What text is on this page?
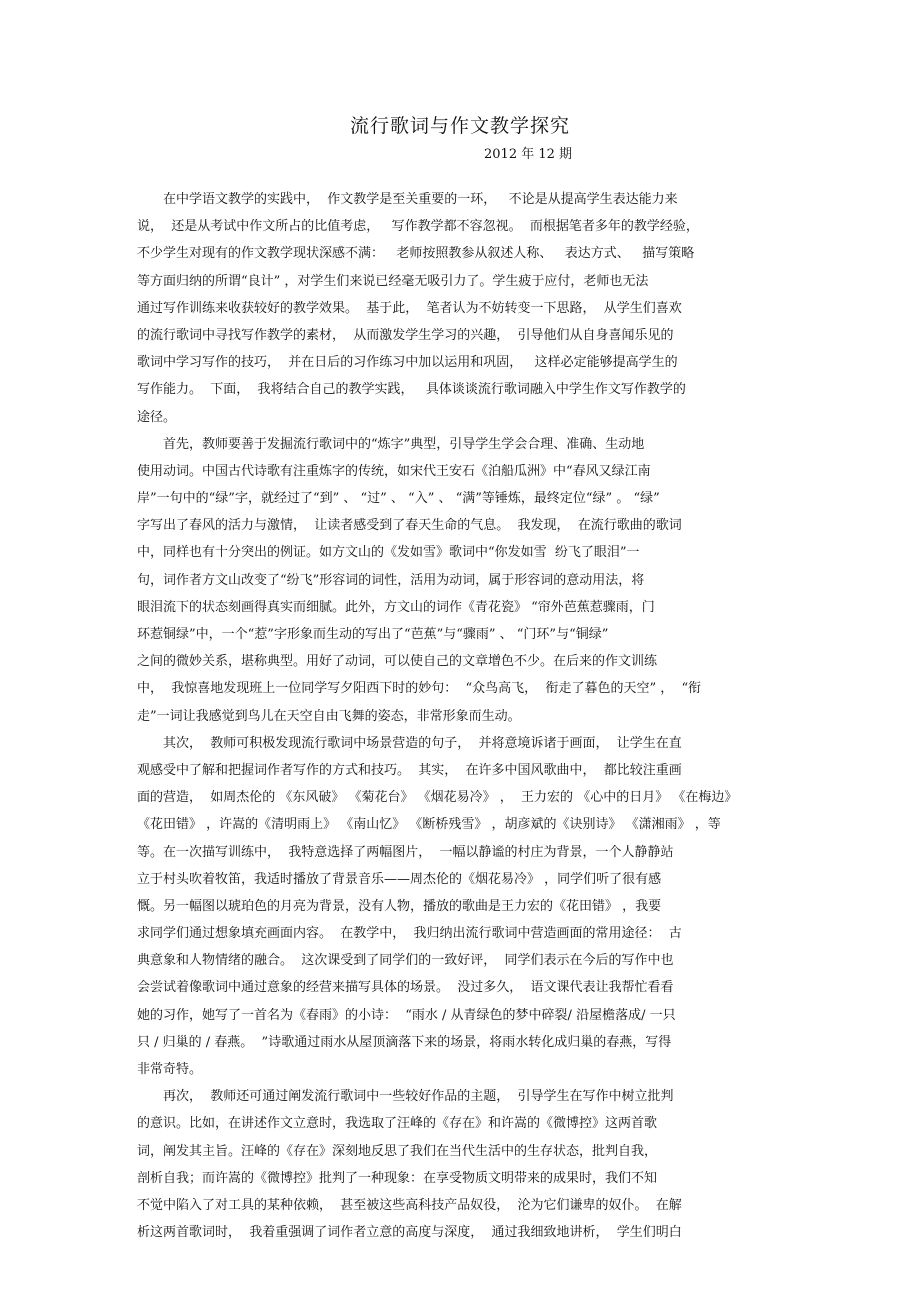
流行歌词与作文教学探究
2012 年 12 期
　　在中学语文教学的实践中，  作文教学是至关重要的一环，   不论是从提高学生表达能力来
说，  还是从考试中作文所占的比值考虑，   写作教学都不容忽视。  而根据笔者多年的教学经验，
不少学生对现有的作文教学现状深感不满：   老师按照教参从叙述人称、   表达方式、   描写策略
等方面归纳的所谓“良计” ，对学生们来说已经毫无吸引力了。学生疲于应付，老师也无法
通过写作训练来收获较好的教学效果。  基于此，  笔者认为不妨转变一下思路，  从学生们喜欢
的流行歌词中寻找写作教学的素材，  从而激发学生学习的兴趣，  引导他们从自身喜闻乐见的
歌词中学习写作的技巧，  并在日后的习作练习中加以运用和巩固，   这样必定能够提高学生的
写作能力。  下面，  我将结合自己的教学实践，   具体谈谈流行歌词融入中学生作文写作教学的
途径。
　　首先，教师要善于发掘流行歌词中的“炼字”典型，引导学生学会合理、准确、生动地
使用动词。中国古代诗歌有注重炼字的传统，如宋代王安石《泊船瓜洲》中“春风又绿江南
岸”一句中的“绿”字，就经过了“到” 、 “过” 、 “入” 、 “满”等锤炼，最终定位“绿” 。 “绿”
字写出了春风的活力与激情，  让读者感受到了春天生命的气息。  我发现，  在流行歌曲的歌词
中，同样也有十分突出的例证。如方文山的《发如雪》歌词中“你发如雪  纷飞了眼泪”一
句，词作者方文山改变了“纷飞”形容词的词性，活用为动词，属于形容词的意动用法，将
眼泪流下的状态刻画得真实而细腻。此外，方文山的词作《青花瓷》 “帘外芭蕉惹骤雨，门
环惹铜绿”中，一个“惹”字形象而生动的写出了“芭蕉”与“骤雨” 、 “门环”与“铜绿”
之间的微妙关系，堪称典型。用好了动词，可以使自己的文章增色不少。在后来的作文训练
中，  我惊喜地发现班上一位同学写夕阳西下时的妙句：  “众鸟高飞，  衔走了暮色的天空” ，  “衔
走”一词让我感觉到鸟儿在天空自由飞舞的姿态，非常形象而生动。
　　其次，  教师可积极发现流行歌词中场景营造的句子，  并将意境诉诸于画面，  让学生在直
观感受中了解和把握词作者写作的方式和技巧。  其实，  在许多中国风歌曲中，  都比较注重画
面的营造，  如周杰伦的 《东风破》 《菊花台》 《烟花易冷》 ，  王力宏的 《心中的日月》 《在梅边》
《花田错》 ，许嵩的《清明雨上》 《南山忆》 《断桥残雪》 ，胡彦斌的《诀别诗》 《潇湘雨》 ，等
等。在一次描写训练中，  我特意选择了两幅图片，  一幅以静谧的村庄为背景，一个人静静站
立于村头吹着牧笛，我适时播放了背景音乐——周杰伦的《烟花易冷》 ，同学们听了很有感
慨。另一幅图以琥珀色的月亮为背景，没有人物，播放的歌曲是王力宏的《花田错》 ，我要
求同学们通过想象填充画面内容。  在教学中，  我归纳出流行歌词中营造画面的常用途径：  古
典意象和人物情绪的融合。  这次课受到了同学们的一致好评，  同学们表示在今后的写作中也
会尝试着像歌词中通过意象的经营来描写具体的场景。  没过多久，  语文课代表让我帮忙看看
她的习作，她写了一首名为《春雨》的小诗：  “雨水 / 从青绿色的梦中碎裂/ 沿屋檐落成/ 一只
只 / 归巢的 / 春燕。  ”诗歌通过雨水从屋顶滴落下来的场景，将雨水转化成归巢的春燕，写得
非常奇特。
　　再次，  教师还可通过阐发流行歌词中一些较好作品的主题，  引导学生在写作中树立批判
的意识。比如，在讲述作文立意时，我选取了汪峰的《存在》和许嵩的《微博控》这两首歌
词，阐发其主旨。汪峰的《存在》深刻地反思了我们在当代生活中的生存状态，批判自我，
剖析自我；而许嵩的《微博控》批判了一种现象：在享受物质文明带来的成果时，我们不知
不觉中陷入了对工具的某种依赖，  甚至被这些高科技产品奴役，  沦为它们谦卑的奴仆。  在解
析这两首歌词时，  我着重强调了词作者立意的高度与深度，  通过我细致地讲析，  学生们明白
